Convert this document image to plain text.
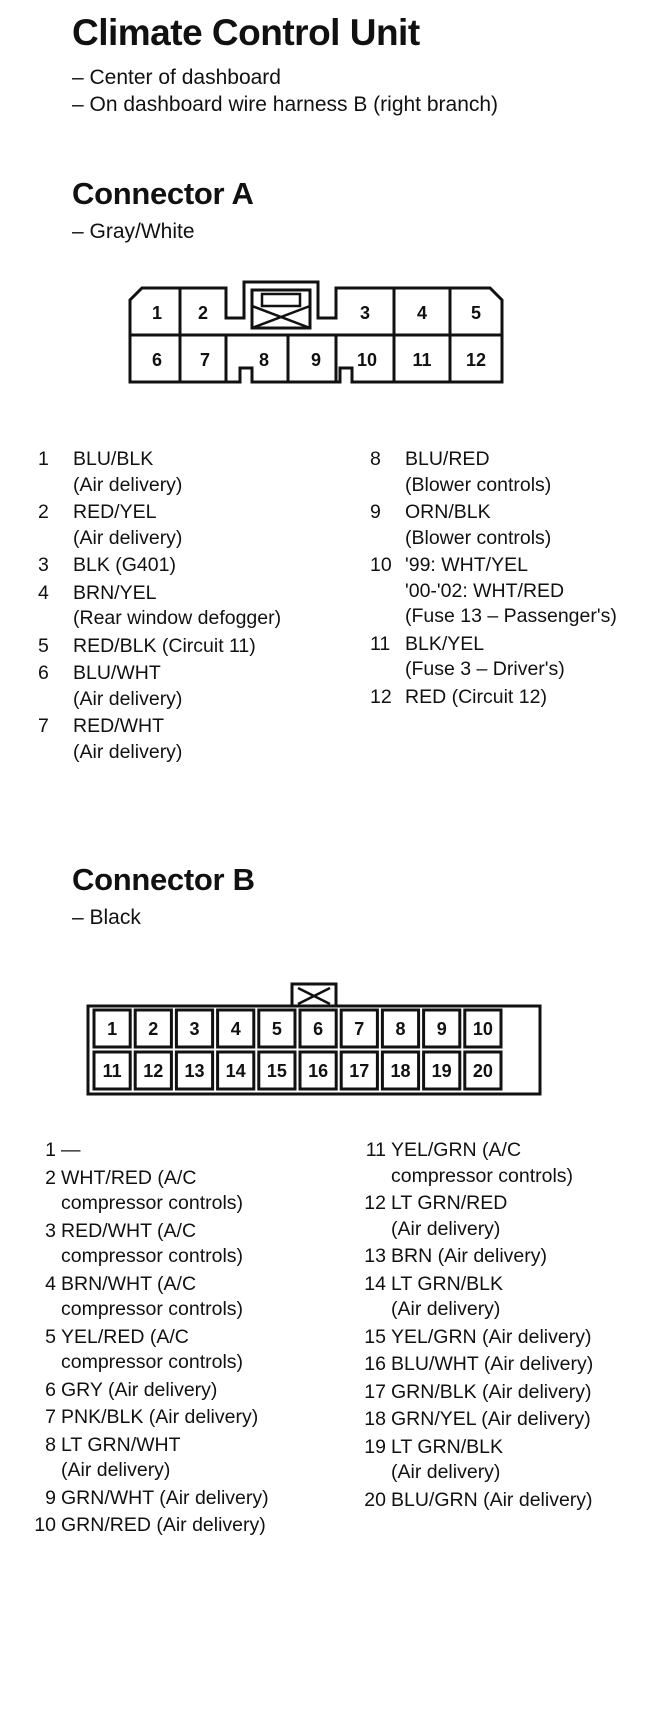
Climate Control Unit
– Center of dashboard
– On dashboard wire harness B (right branch)
Connector A
– Gray/White
1 2	3	4 5
6 7	8 9 10 11 12
1 BLU/BLK
(Air delivery)
2 RED/YEL
(Air delivery)
3 BLK (G401)
4 BRN/YEL
(Rear window defogger)
5 RED/BLK (Circuit 11)
6 BLU/WHT
(Air delivery)
7 RED/WHT
(Air delivery)
8 BLU/RED
(Blower controls)
9 ORN/BLK
(Blower controls)
10 '99: WHT/YEL
'00-'02: WHT/RED
(Fuse 13 – Passenger's)
11 BLK/YEL
(Fuse 3 – Driver's)
12 RED (Circuit 12)
Connector B
– Black
1 2 3 4 5 6 7 8 9 10
11 12 13 14 15 16 17 18 19 20
1 —
2 WHT/RED (A/C
compressor controls)
3 RED/WHT (A/C
compressor controls)
4 BRN/WHT (A/C
compressor controls)
5 YEL/RED (A/C
compressor controls)
6 GRY (Air delivery)
7 PNK/BLK (Air delivery)
8 LT GRN/WHT
(Air delivery)
9 GRN/WHT (Air delivery)
10 GRN/RED (Air delivery)
11 YEL/GRN (A/C
compressor controls)
12 LT GRN/RED
(Air delivery)
13 BRN (Air delivery)
14 LT GRN/BLK
(Air delivery)
15 YEL/GRN (Air delivery)
16 BLU/WHT (Air delivery)
17 GRN/BLK (Air delivery)
18 GRN/YEL (Air delivery)
19 LT GRN/BLK
(Air delivery)
20 BLU/GRN (Air delivery)
